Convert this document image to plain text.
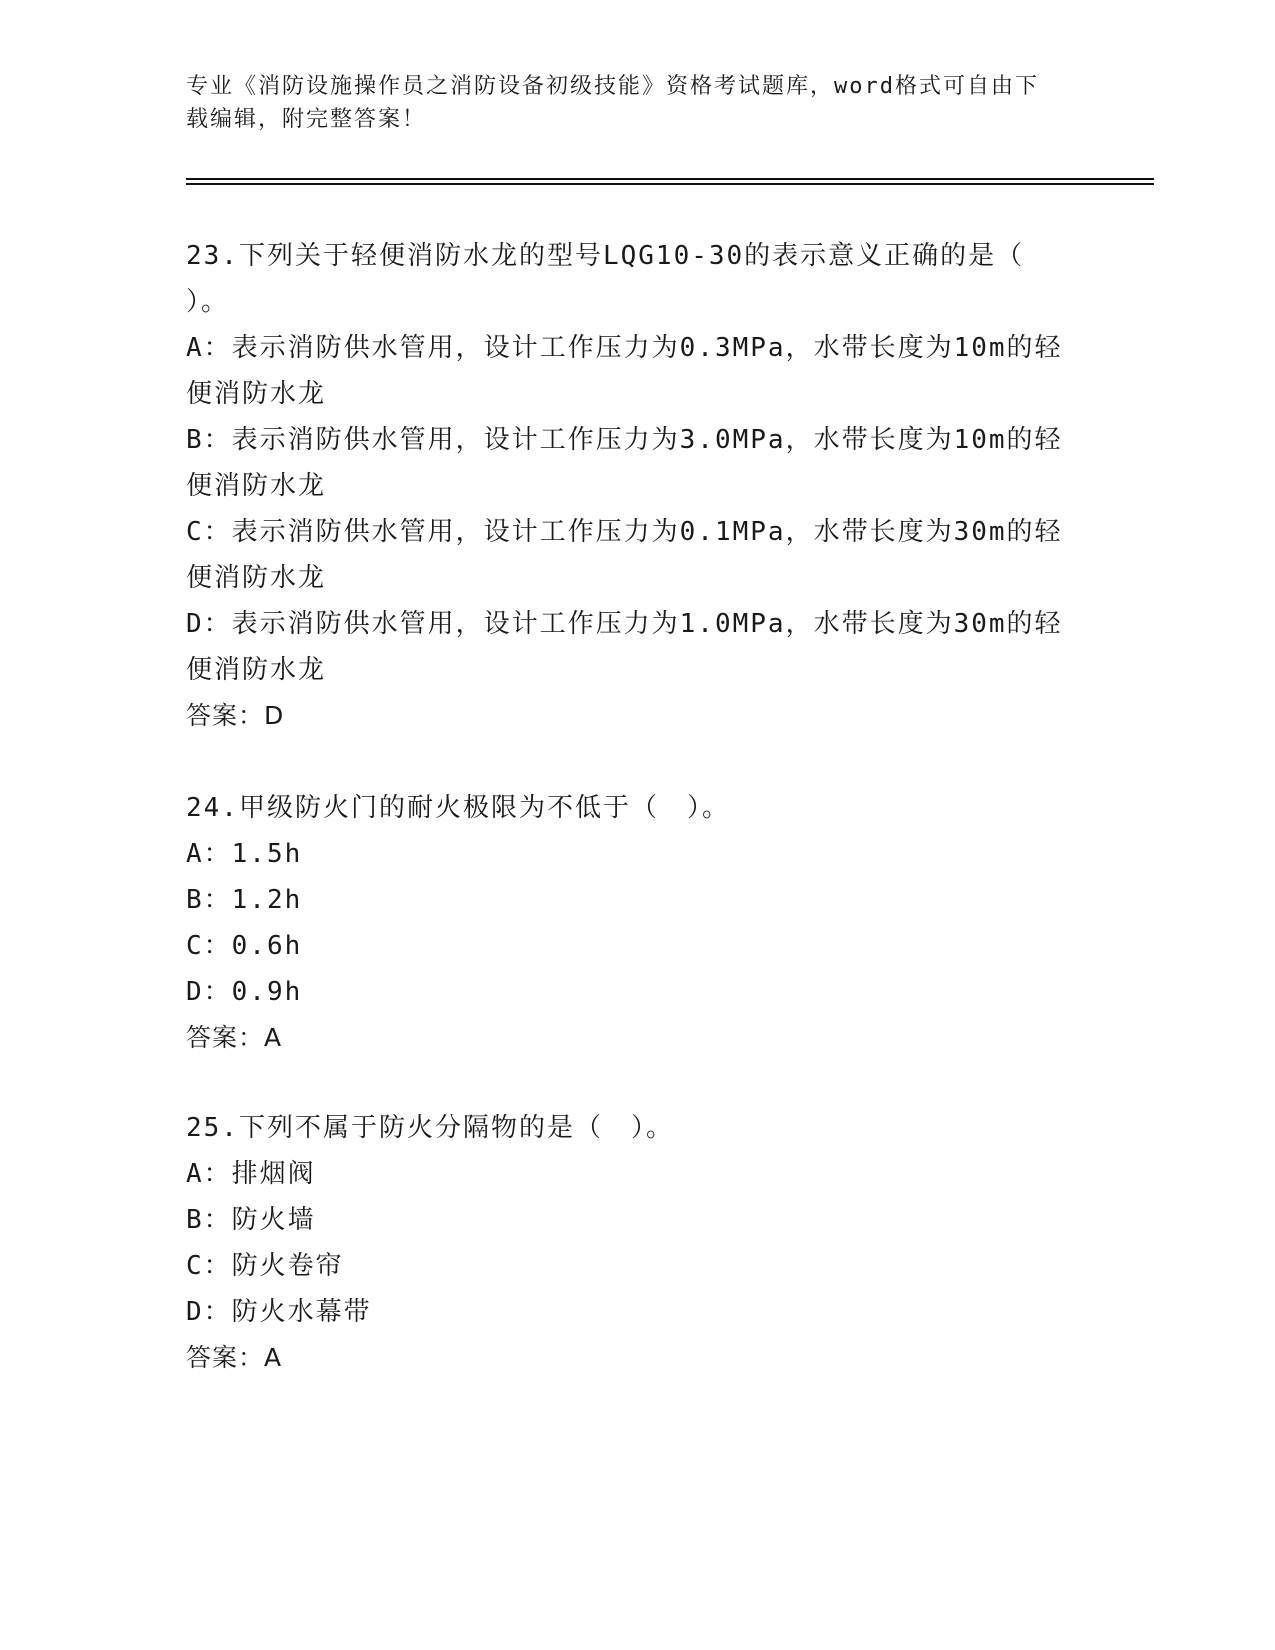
专业《消防设施操作员之消防设备初级技能》资格考试题库，word格式可自由下
载编辑，附完整答案！
23.下列关于轻便消防水龙的型号LQG10-30的表示意义正确的是（
）。
A：表示消防供水管用，设计工作压力为0.3MPa，水带长度为10m的轻
便消防水龙
B：表示消防供水管用，设计工作压力为3.0MPa，水带长度为10m的轻
便消防水龙
C：表示消防供水管用，设计工作压力为0.1MPa，水带长度为30m的轻
便消防水龙
D：表示消防供水管用，设计工作压力为1.0MPa，水带长度为30m的轻
便消防水龙
答案：D
24.甲级防火门的耐火极限为不低于（　）。
A：1.5h
B：1.2h
C：0.6h
D：0.9h
答案：A
25.下列不属于防火分隔物的是（　）。
A：排烟阀
B：防火墙
C：防火卷帘
D：防火水幕带
答案：A
